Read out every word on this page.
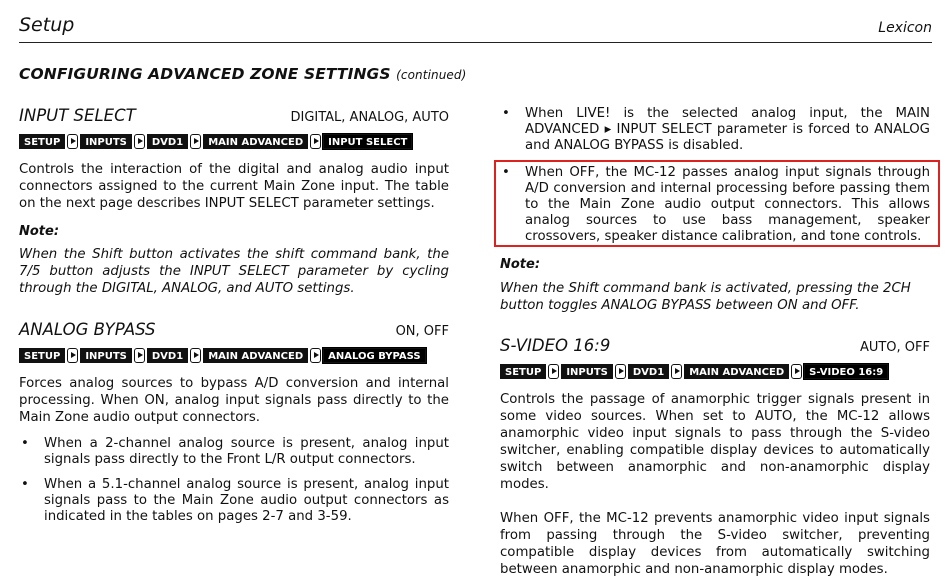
Setup	Lexicon
CONFIGURING ADVANCED ZONE SETTINGS (continued)
INPUT SELECT	DIGITAL, ANALOG, AUTO
SETUP	INPUTS	DVD1	MAIN ADVANCED	INPUT SELECT

Controls the interaction of the digital and analog audio input connectors assigned to the current Main Zone input. The table on the next page describes INPUT SELECT parameter settings.

Note:

When the Shift button activates the shift command bank, the 7/5 button adjusts the INPUT SELECT parameter by cycling through the DIGITAL, ANALOG, and AUTO settings.

ANALOG BYPASS	ON, OFF
SETUP	INPUTS	DVD1	MAIN ADVANCED	ANALOG BYPASS

Forces analog sources to bypass A/D conversion and internal processing. When ON, analog input signals pass directly to the Main Zone audio output connectors.

• When a 2-channel analog source is present, analog input signals pass directly to the Front L/R output connectors.
• When a 5.1-channel analog source is present, analog input signals pass to the Main Zone audio output connectors as indicated in the tables on pages 2-7 and 3-59.
• When LIVE! is the selected analog input, the MAIN ADVANCED ▸ INPUT SELECT parameter is forced to ANALOG and ANALOG BYPASS is disabled.
• When OFF, the MC-12 passes analog input signals through A/D conversion and internal processing before passing them to the Main Zone audio output connectors. This allows analog sources to use bass management, speaker crossovers, speaker distance calibration, and tone controls.
Note:

When the Shift command bank is activated, pressing the 2CH button toggles ANALOG BYPASS between ON and OFF.

S-VIDEO 16:9	AUTO, OFF
SETUP	INPUTS	DVD1	MAIN ADVANCED	S-VIDEO 16:9

Controls the passage of anamorphic trigger signals present in some video sources. When set to AUTO, the MC-12 allows anamorphic video input signals to pass through the S-video switcher, enabling compatible display devices to automatically switch between anamorphic and non-anamorphic display modes.

When OFF, the MC-12 prevents anamorphic video input signals from passing through the S-video switcher, preventing compatible display devices from automatically switching between anamorphic and non-anamorphic display modes.
